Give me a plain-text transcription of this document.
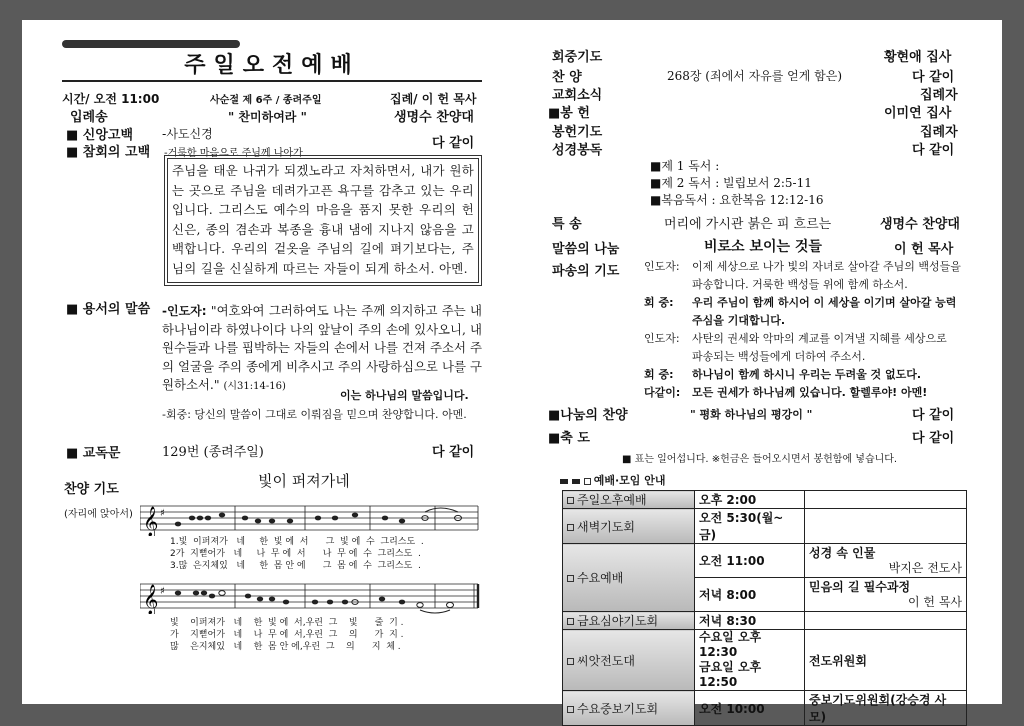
주일오전예배
시간/ 오전 11:00	사순절 제 6주 / 종려주일	집례/ 이 헌 목사
입례송	" 찬미하여라 "	생명수 찬양대
■ 신앙고백 -사도신경
다 같이
■ 참회의 고백 -거룩한 마음으로 주님께 나아가
주님을 태운 나귀가 되겠노라고 자처하면서, 내가 원하는 곳으로 주님을 데려가고픈 욕구를 감추고 있는 우리입니다. 그리스도 예수의 마음을 품지 못한 우리의 헌신은, 종의 겸손과 복종을 흉내 냄에 지나지 않음을 고백합니다. 우리의 겉옷을 주님의 길에 펴기보다는, 주님의 길을 신실하게 따르는 자들이 되게 하소서. 아멘.
■ 용서의 말씀 -인도자: "여호와여 그러하여도 나는 주께 의지하고 주는 내 하나님이라 하였나이다 나의 앞날이 주의 손에 있사오니, 내 원수들과 나를 핍박하는 자들의 손에서 나를 건져 주소서 주의 얼굴을 주의 종에게 비추시고 주의 사랑하심으로 나를 구원하소서." (시31:14-16)
이는 하나님의 말씀입니다.
-회중: 당신의 말씀이 그대로 이뤄짐을 믿으며 찬양합니다. 아멘.
■ 교독문	129번 (종려주일)	다 같이
찬양 기도
(자리에 앉아서)
빛이 퍼져가네
𝄞 ♯
1.빛  이퍼져가   네     한  빛 에  서      그  빛 에  수  그리스도  .
2가  지뻗어가   네     나  무 에  서      나  무 에  수  그리스도  .
3.많  은지체있   네     한  몸 안 에      그  몸 에  수  그리스도  .
𝄞 ♯
빛    이퍼져가   네    한  빛 에  서,우린  그    빛      줄  기 .
가    지뻗어가   네    나  무 에  서,우린  그    의      가  지 .
많    은지체있   네    한  몸 안 에,우린  그    의      지  체 .
회중기도	황현애 집사
찬 양	268장 (죄에서 자유를 얻게 함은)	다 같이
교회소식	집례자
■봉 헌	이미연 집사
봉헌기도	집례자
성경봉독	다 같이
■제 1 독서 :
■제 2 독서 : 빌립보서 2:5-11
■복음독서 : 요한복음 12:12-16
특 송	머리에 가시관 붉은 피 흐르는	생명수 찬양대
말씀의 나눔	비로소 보이는 것들	이 헌 목사
파송의 기도 인도자: 이제 세상으로 나가 빛의 자녀로 살아갈 주님의 백성들을
파송합니다. 거룩한 백성들 위에 함께 하소서.
회 중: 우리 주님이 함께 하시어 이 세상을 이기며 살아갈 능력
주심을 기대합니다.
인도자: 사탄의 권세와 악마의 계교를 이겨낼 지혜를 세상으로
파송되는 백성들에게 더하여 주소서.
회 중: 하나님이 함께 하시니 우리는 두려울 것 없도다.
다같이: 모든 권세가 하나님께 있습니다. 할렐루야! 아멘!
■나눔의 찬양	" 평화 하나님의 평강이 "	다 같이
■축 도	다 같이
■ 표는 일어섭니다. ※헌금은 들어오시면서 봉헌함에 넣습니다.
예배·모임 안내
주일오후예배	오후 2:00	
새벽기도회	오전 5:30(월~금)	
수요예배	오전 11:00	성경 속 인물
박지은 전도사

	저녁 8:00	믿음의 길 필수과정
이 헌 목사

금요심야기도회	저녁 8:30	
씨앗전도대	수요일 오후 12:30
금요일 오후 12:50	전도위원회
수요중보기도회	오전 10:00	중보기도위원회(강승경 사모)
